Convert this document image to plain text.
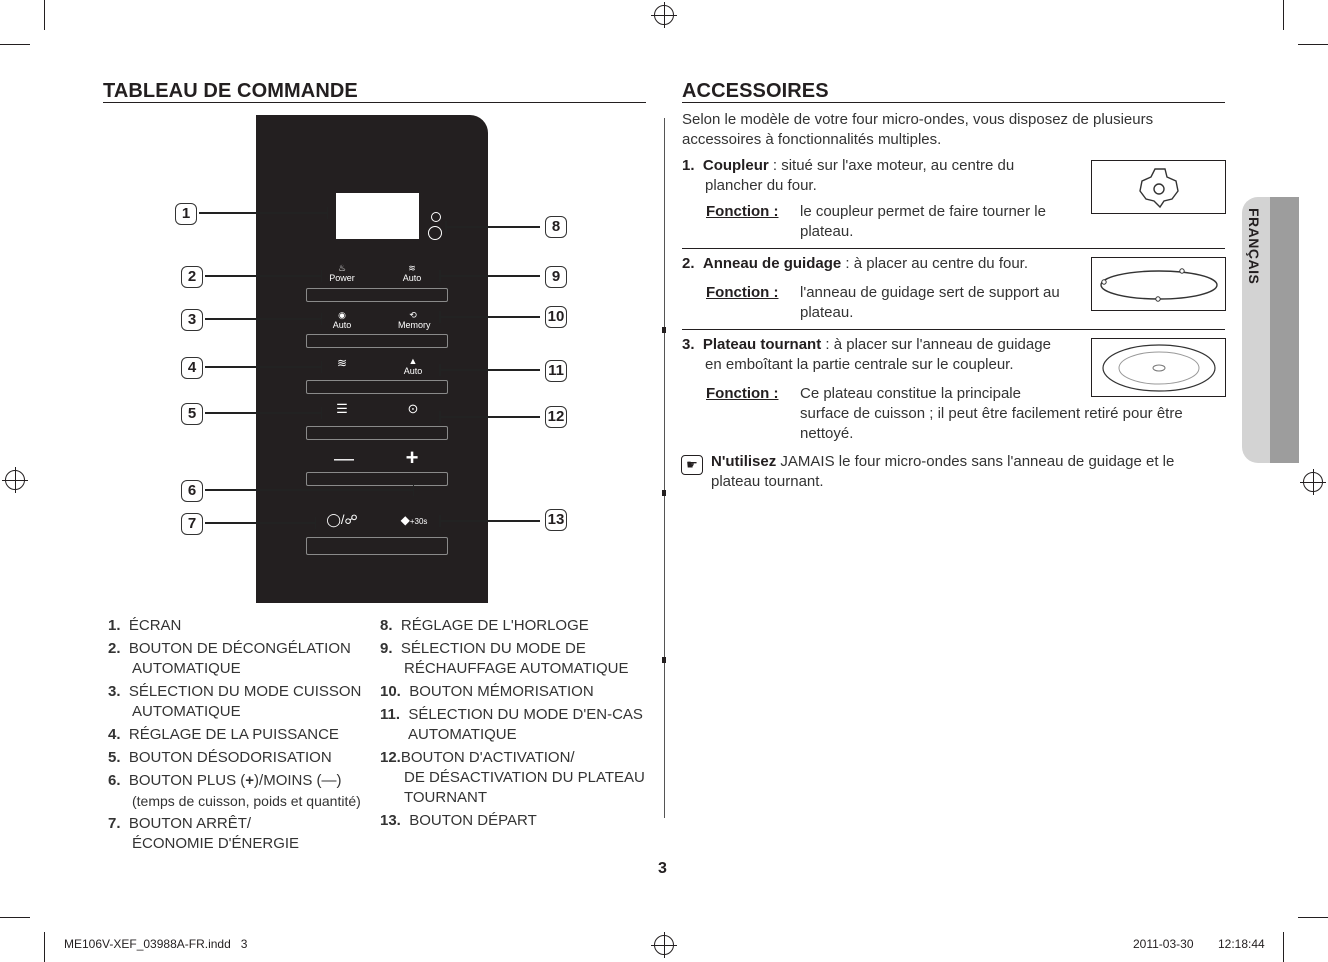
TABLEAU DE COMMANDE
♨
Power
≋
Auto
◉
Auto
⟲
Memory
≋	▲
Auto
☰	⊙
— +
◯/☍	◆+30s
1
2
3
4
5
6
7
8
9
10
11
12
13
1. ÉCRAN
2. BOUTON DE DÉCONGÉLATION
AUTOMATIQUE
3. SÉLECTION DU MODE CUISSON
AUTOMATIQUE
4. RÉGLAGE DE LA PUISSANCE
5. BOUTON DÉSODORISATION
6. BOUTON PLUS (+)/MOINS (—)
(temps de cuisson, poids et quantité)
7. BOUTON ARRÊT/
ÉCONOMIE D'ÉNERGIE
8. RÉGLAGE DE L'HORLOGE
9. SÉLECTION DU MODE DE
RÉCHAUFFAGE AUTOMATIQUE
10. BOUTON MÉMORISATION
11. SÉLECTION DU MODE D'EN-CAS
AUTOMATIQUE
12.BOUTON D'ACTIVATION/
DE DÉSACTIVATION DU PLATEAU
TOURNANT
13. BOUTON DÉPART
ACCESSOIRES
Selon le modèle de votre four micro-ondes, vous disposez de plusieurs
accessoires à fonctionnalités multiples.
1. Coupleur : situé sur l'axe moteur, au centre du
plancher du four.
Fonction : le coupleur permet de faire tourner le
plateau.
2. Anneau de guidage : à placer au centre du four.
Fonction : l'anneau de guidage sert de support au
plateau.
3. Plateau tournant : à placer sur l'anneau de guidage
en emboîtant la partie centrale sur le coupleur.
Fonction : Ce plateau constitue la principale
surface de cuisson ; il peut être facilement retiré pour être
nettoyé.
☛ N'utilisez JAMAIS le four micro-ondes sans l'anneau de guidage et le
plateau tournant.
FRANÇAIS
3
ME106V-XEF_03988A-FR.indd   3	2011-03-30 12:18:44
